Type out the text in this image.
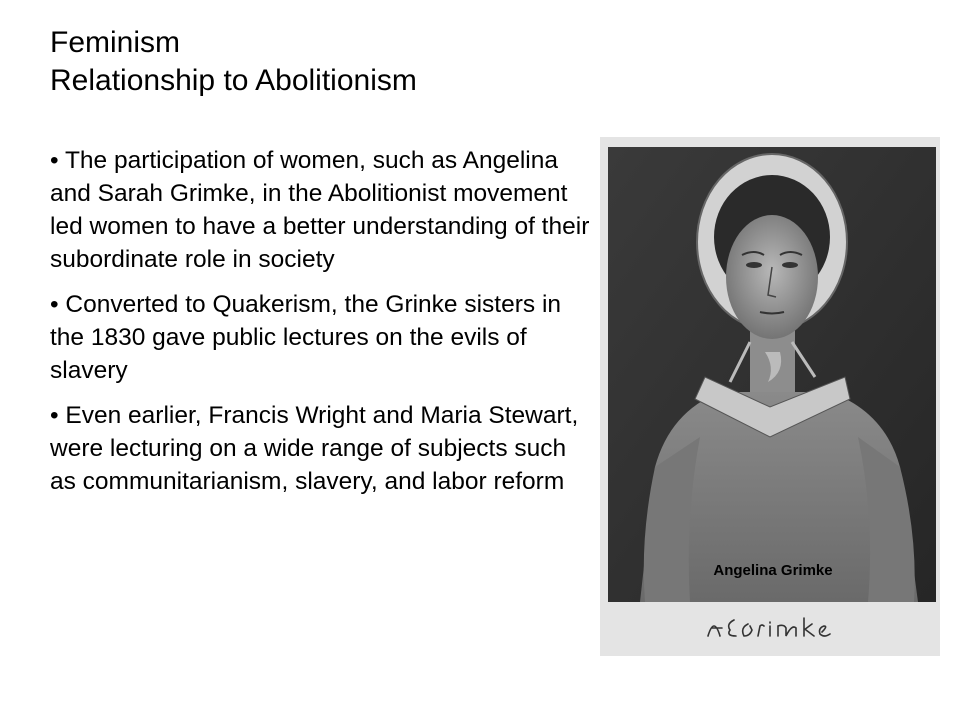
Feminism
Relationship to Abolitionism
• The participation of women, such as Angelina and Sarah Grimke, in the Abolitionist movement led women to have a better understanding of their subordinate role in society
• Converted to Quakerism, the Grinke sisters in the 1830 gave public lectures on the evils of slavery
• Even earlier, Francis Wright and Maria Stewart, were lecturing on a wide range of subjects such as communitarianism, slavery, and labor reform
Angelina Grimke
